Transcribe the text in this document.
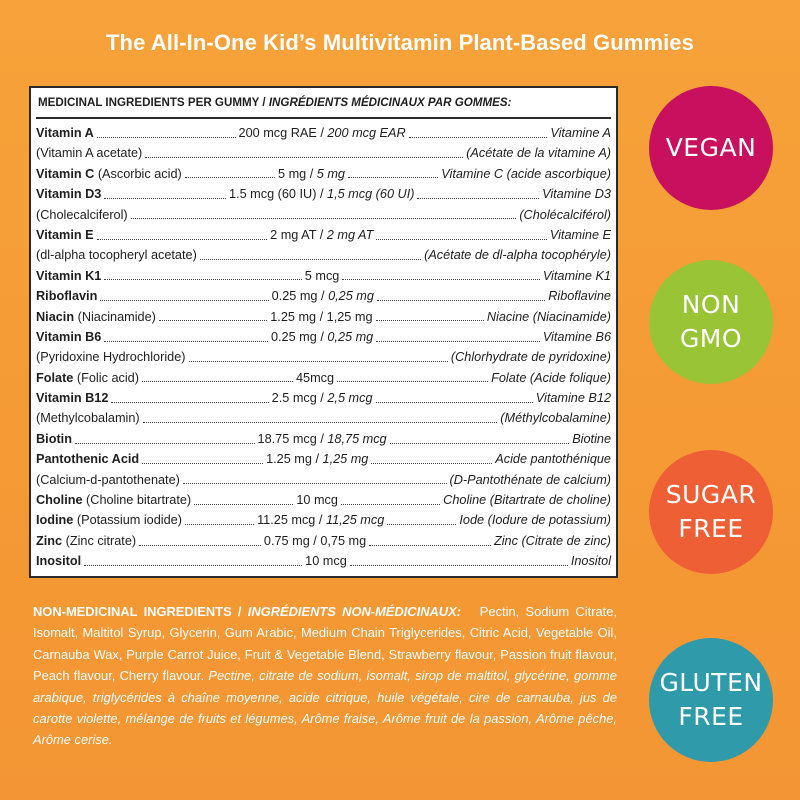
The All-In-One Kid’s Multivitamin Plant-Based Gummies
MEDICINAL INGREDIENTS PER GUMMY / INGRÉDIENTS MÉDICINAUX PAR GOMMES:
Vitamin A	200 mcg RAE / 200 mcg EAR	Vitamine A
(Vitamin A acetate)	(Acétate de la vitamine A)
Vitamin C (Ascorbic acid)	5 mg / 5 mg	Vitamine C (acide ascorbique)
Vitamin D3	1.5 mcg (60 IU) / 1,5 mcg (60 UI)	Vitamine D3
(Cholecalciferol)	(Cholécalciférol)
Vitamin E	2 mg AT / 2 mg AT	Vitamine E
(dl-alpha tocopheryl acetate)	(Acétate de dl-alpha tocophéryle)
Vitamin K1	5 mcg	Vitamine K1
Riboflavin	0.25 mg / 0,25 mg	Riboflavine
Niacin (Niacinamide)	1.25 mg / 1,25 mg	Niacine (Niacinamide)
Vitamin B6	0.25 mg / 0,25 mg	Vitamine B6
(Pyridoxine Hydrochloride)	(Chlorhydrate de pyridoxine)
Folate (Folic acid)	45mcg	Folate (Acide folique)
Vitamin B12	2.5 mcg / 2,5 mcg	Vitamine B12
(Methylcobalamin)	(Méthylcobalamine)
Biotin	18.75 mcg / 18,75 mcg	Biotine
Pantothenic Acid	1.25 mg / 1,25 mg	Acide pantothénique
(Calcium-d-pantothenate)	(D-Pantothénate de calcium)
Choline (Choline bitartrate)	10 mcg	Choline (Bitartrate de choline)
Iodine (Potassium iodide)	11.25 mcg / 11,25 mcg	Iode (Iodure de potassium)
Zinc (Zinc citrate)	0.75 mg / 0,75 mg	Zinc (Citrate de zinc)
Inositol	10 mcg	Inositol
NON-MEDICINAL INGREDIENTS / INGRÉDIENTS NON-MÉDICINAUX: Pectin, Sodium Citrate, Isomalt, Maltitol Syrup, Glycerin, Gum Arabic, Medium Chain Triglycerides, Citric Acid, Vegetable Oil, Carnauba Wax, Purple Carrot Juice, Fruit & Vegetable Blend, Strawberry flavour, Passion fruit flavour, Peach flavour, Cherry flavour. Pectine, citrate de sodium, isomalt, sirop de maltitol, glycérine, gomme arabique, triglycérides à chaîne moyenne, acide citrique, huile végétale, cire de carnauba, jus de carotte violette, mélange de fruits et légumes, Arôme fraise, Arôme fruit de la passion, Arôme pêche, Arôme cerise.
VEGAN
NON
GMO
SUGAR
FREE
GLUTEN
FREE
